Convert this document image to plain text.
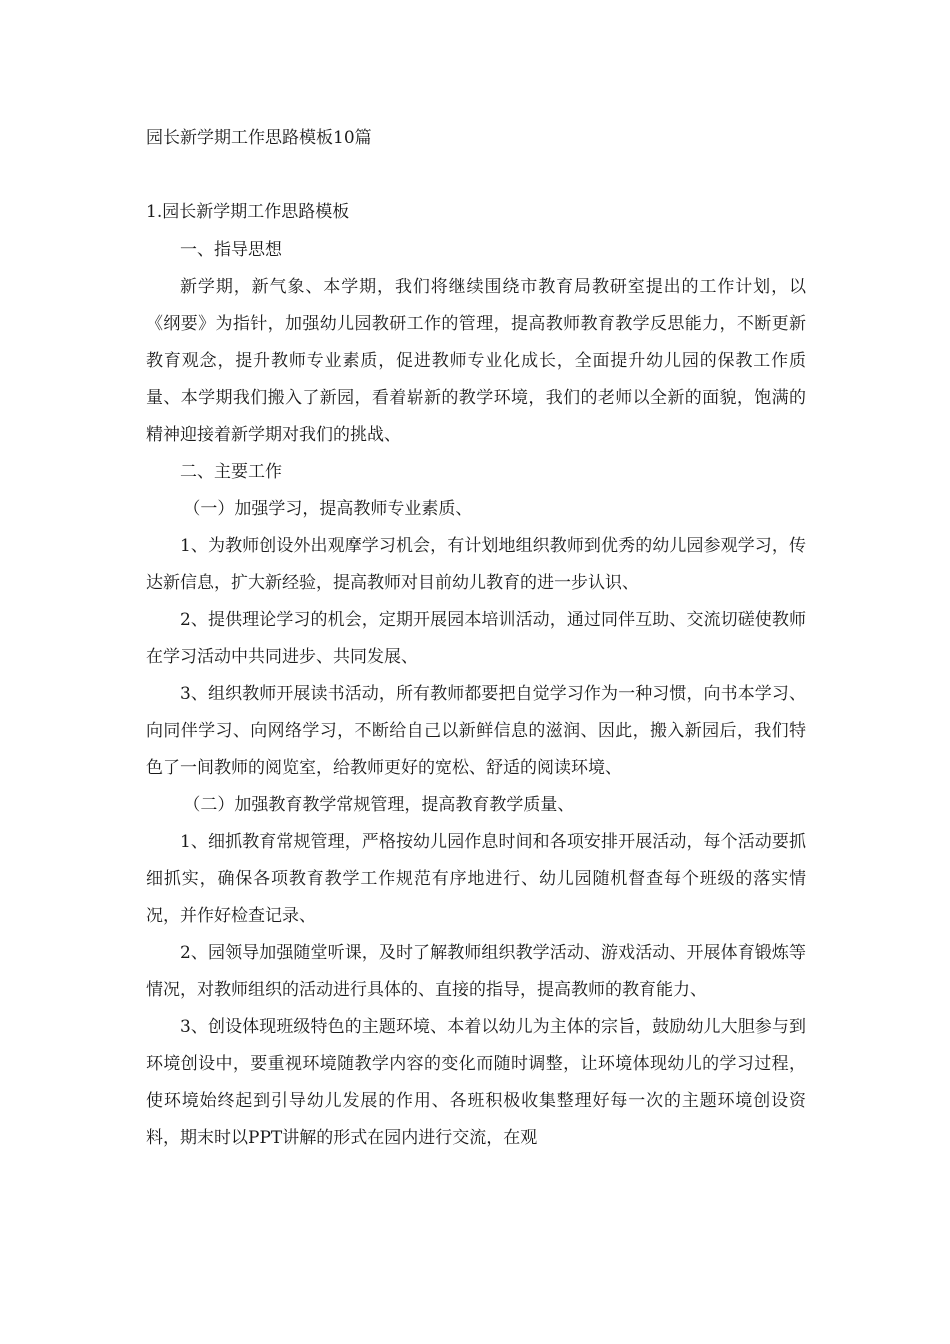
园长新学期工作思路模板10篇
1.园长新学期工作思路模板

一、指导思想

新学期，新气象、本学期，我们将继续围绕市教育局教研室提出的工作计划，以《纲要》为指针，加强幼儿园教研工作的管理，提高教师教育教学反思能力，不断更新教育观念，提升教师专业素质，促进教师专业化成长，全面提升幼儿园的保教工作质量、本学期我们搬入了新园，看着崭新的教学环境，我们的老师以全新的面貌，饱满的精神迎接着新学期对我们的挑战、

二、主要工作

（一）加强学习，提高教师专业素质、

1、为教师创设外出观摩学习机会，有计划地组织教师到优秀的幼儿园参观学习，传达新信息，扩大新经验，提高教师对目前幼儿教育的进一步认识、

2、提供理论学习的机会，定期开展园本培训活动，通过同伴互助、交流切磋使教师在学习活动中共同进步、共同发展、

3、组织教师开展读书活动，所有教师都要把自觉学习作为一种习惯，向书本学习、向同伴学习、向网络学习，不断给自己以新鲜信息的滋润、因此，搬入新园后，我们特色了一间教师的阅览室，给教师更好的宽松、舒适的阅读环境、

（二）加强教育教学常规管理，提高教育教学质量、

1、细抓教育常规管理，严格按幼儿园作息时间和各项安排开展活动，每个活动要抓细抓实，确保各项教育教学工作规范有序地进行、幼儿园随机督查每个班级的落实情况，并作好检查记录、

2、园领导加强随堂听课，及时了解教师组织教学活动、游戏活动、开展体育锻炼等情况，对教师组织的活动进行具体的、直接的指导，提高教师的教育能力、

3、创设体现班级特色的主题环境、本着以幼儿为主体的宗旨，鼓励幼儿大胆参与到环境创设中，要重视环境随教学内容的变化而随时调整，让环境体现幼儿的学习过程，使环境始终起到引导幼儿发展的作用、各班积极收集整理好每一次的主题环境创设资料，期末时以PPT讲解的形式在园内进行交流，在观
